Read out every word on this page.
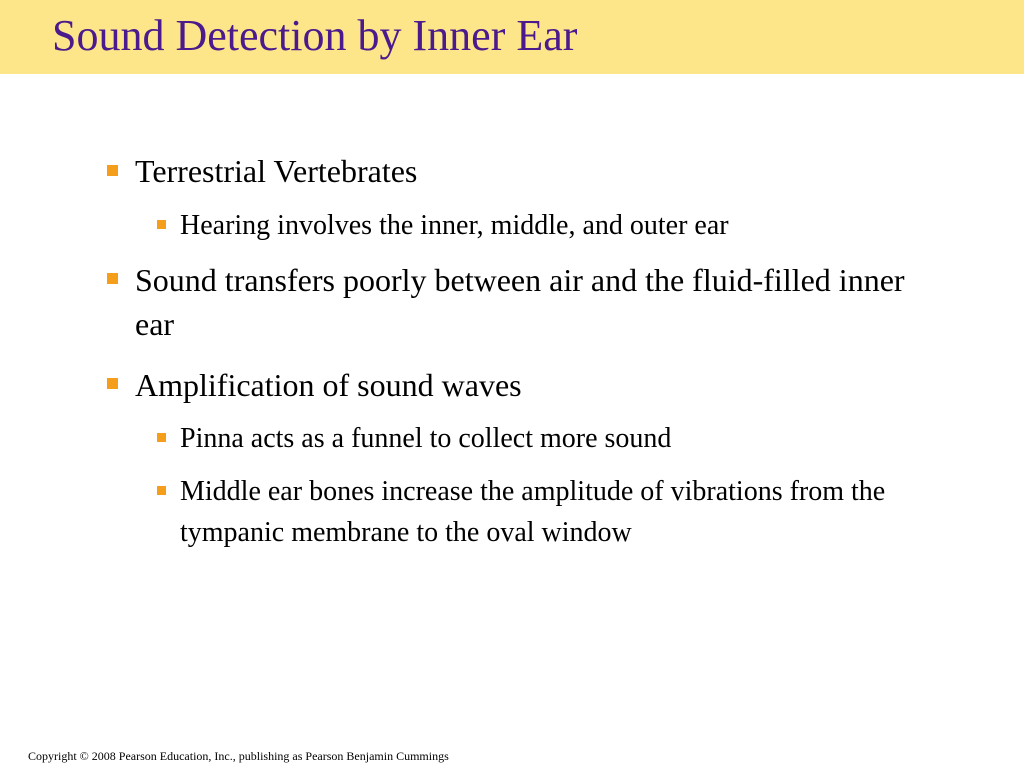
Sound Detection by Inner Ear
Terrestrial Vertebrates
Hearing involves the inner, middle, and outer ear
Sound transfers poorly between air and the fluid-filled inner ear
Amplification of sound waves
Pinna acts as a funnel to collect more sound
Middle ear bones increase the amplitude of vibrations from the tympanic membrane to the oval window
Copyright © 2008 Pearson Education, Inc., publishing as Pearson Benjamin Cummings
